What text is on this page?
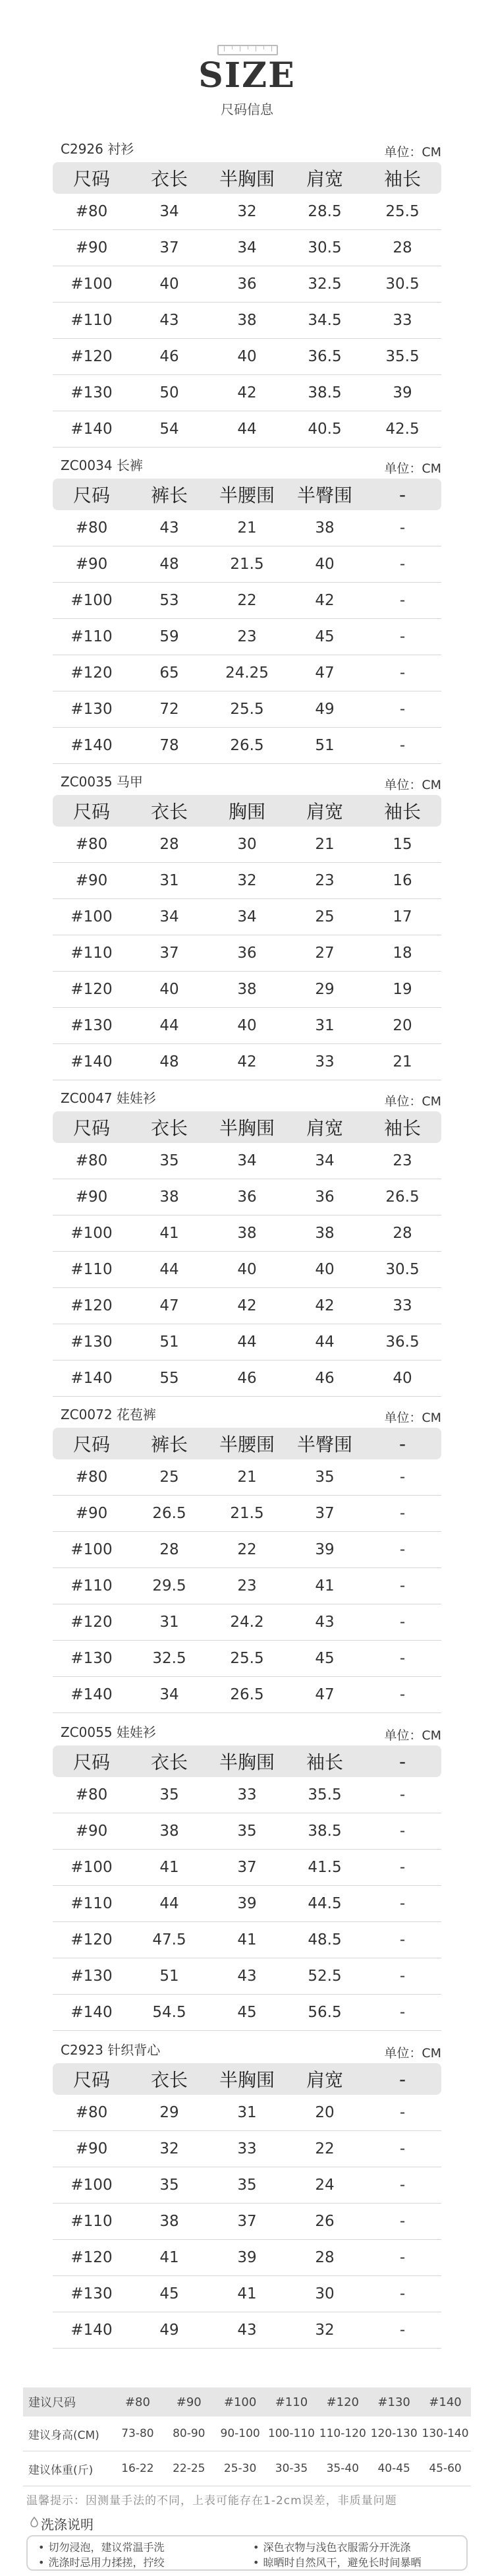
SIZE
尺码信息
C2926 衬衫	单位：CM
尺码	衣长	半胸围	肩宽	袖长
#80	34	32	28.5	25.5
#90	37	34	30.5	28
#100	40	36	32.5	30.5
#110	43	38	34.5	33
#120	46	40	36.5	35.5
#130	50	42	38.5	39
#140	54	44	40.5	42.5
ZC0034 长裤	单位：CM
尺码	裤长	半腰围	半臀围	-
#80	43	21	38	-
#90	48	21.5	40	-
#100	53	22	42	-
#110	59	23	45	-
#120	65	24.25	47	-
#130	72	25.5	49	-
#140	78	26.5	51	-
ZC0035 马甲	单位：CM
尺码	衣长	胸围	肩宽	袖长
#80	28	30	21	15
#90	31	32	23	16
#100	34	34	25	17
#110	37	36	27	18
#120	40	38	29	19
#130	44	40	31	20
#140	48	42	33	21
ZC0047 娃娃衫	单位：CM
尺码	衣长	半胸围	肩宽	袖长
#80	35	34	34	23
#90	38	36	36	26.5
#100	41	38	38	28
#110	44	40	40	30.5
#120	47	42	42	33
#130	51	44	44	36.5
#140	55	46	46	40
ZC0072 花苞裤	单位：CM
尺码	裤长	半腰围	半臀围	-
#80	25	21	35	-
#90	26.5	21.5	37	-
#100	28	22	39	-
#110	29.5	23	41	-
#120	31	24.2	43	-
#130	32.5	25.5	45	-
#140	34	26.5	47	-
ZC0055 娃娃衫	单位：CM
尺码	衣长	半胸围	袖长	-
#80	35	33	35.5	-
#90	38	35	38.5	-
#100	41	37	41.5	-
#110	44	39	44.5	-
#120	47.5	41	48.5	-
#130	51	43	52.5	-
#140	54.5	45	56.5	-
C2923 针织背心	单位：CM
尺码	衣长	半胸围	肩宽	-
#80	29	31	20	-
#90	32	33	22	-
#100	35	35	24	-
#110	38	37	26	-
#120	41	39	28	-
#130	45	41	30	-
#140	49	43	32	-
建议尺码	#80	#90	#100	#110	#120	#130	#140
建议身高(CM)	73-80	80-90	90-100	100-110	110-120	120-130	130-140
建议体重(斤)	16-22	22-25	25-30	30-35	35-40	40-45	45-60
温馨提示：因测量手法的不同，上表可能存在1-2cm误差，非质量问题
洗涤说明
• 切勿浸泡，建议常温手洗
• 洗涤时忌用力揉搓，拧绞
• 深色衣物与浅色衣服需分开洗涤
• 晾晒时自然风干，避免长时间暴晒
